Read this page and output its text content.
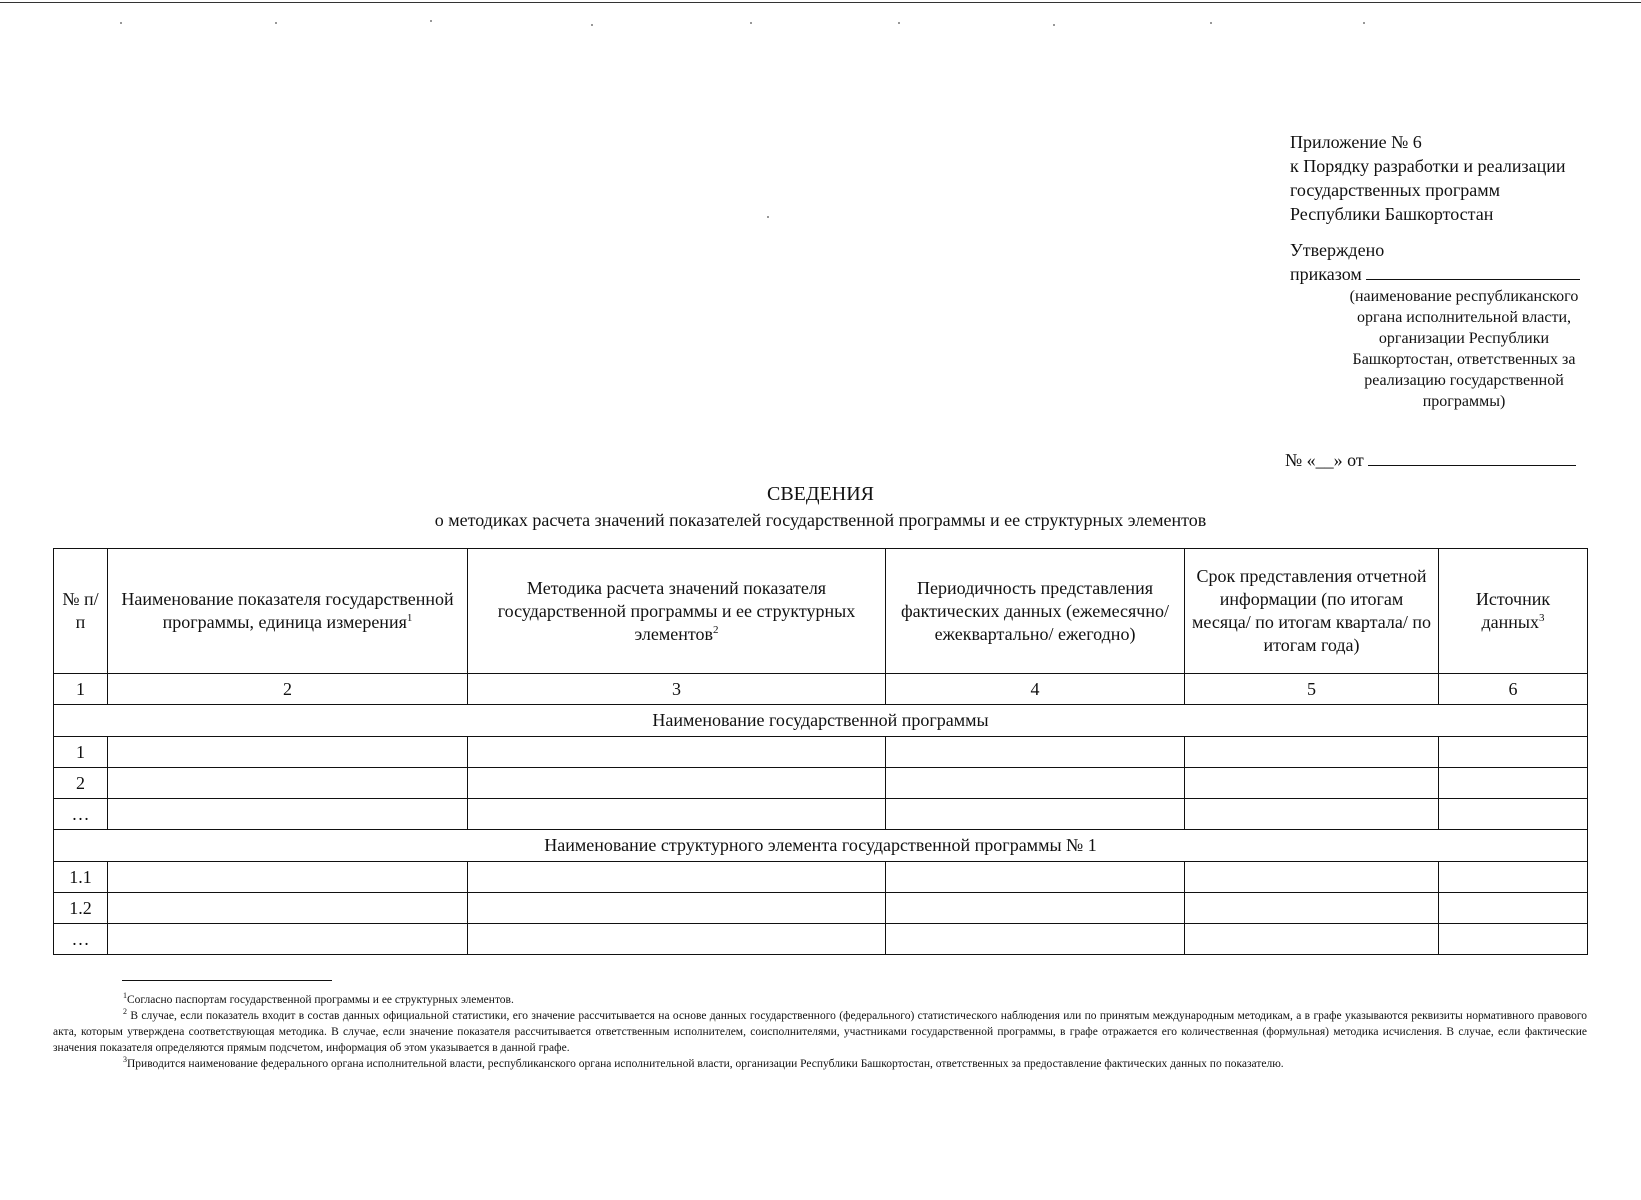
Приложение № 6
к Порядку разработки и реализации
государственных программ
Республики Башкортостан
Утверждено
приказом
(наименование республиканского органа исполнительной власти, организации Республики Башкортостан, ответственных за реализацию государственной программы)
№ «__» от
СВЕДЕНИЯ
о методиках расчета значений показателей государственной программы и ее структурных элементов
№ п/п	Наименование показателя государственной программы, единица измерения$^1$	Методика расчета значений показателя государственной программы и ее структурных элементов$^2$	Периодичность представления фактических данных (ежемесячно/ежеквартально/ ежегодно)	Срок представления отчетной информации (по итогам месяца/ по итогам квартала/ по итогам года)	Источник данных$^3$
1	2	3	4	5	6
Наименование государственной программы					
1					
2					
…					
Наименование структурного элемента государственной программы № 1					
1.1					
1.2					
…					

$^1$Согласно паспортам государственной программы и ее структурных элементов.

$^2$ В случае, если показатель входит в состав данных официальной статистики, его значение рассчитывается на основе данных государственного (федерального) статистического наблюдения или по принятым международным методикам, а в графе указываются реквизиты нормативного правового акта, которым утверждена соответствующая методика. В случае, если значение показателя рассчитывается ответственным исполнителем, соисполнителями, участниками государственной программы, в графе отражается его количественная (формульная) методика исчисления. В случае, если фактические значения показателя определяются прямым подсчетом, информация об этом указывается в данной графе.

$^3$Приводится наименование федерального органа исполнительной власти, республиканского органа исполнительной власти, организации Республики Башкортостан, ответственных за предоставление фактических данных по показателю.
